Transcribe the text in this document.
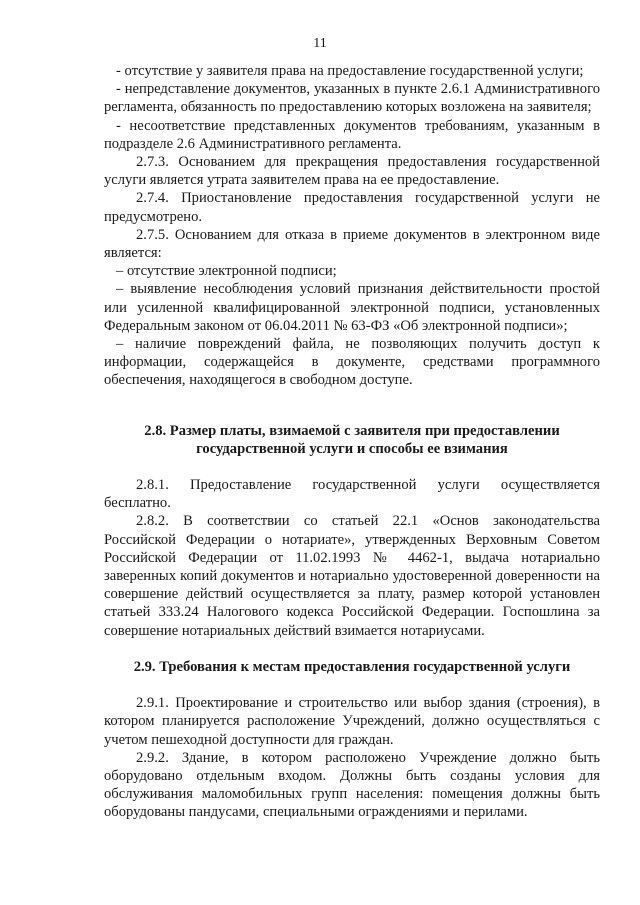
11

- отсутствие у заявителя права на предоставление государственной услуги;

- непредставление документов, указанных в пункте 2.6.1 Административного регламента, обязанность по предоставлению которых возложена на заявителя;

- несоответствие представленных документов требованиям, указанным в подразделе 2.6 Административного регламента.

2.7.3. Основанием для прекращения предоставления государственной услуги является утрата заявителем права на ее предоставление.

2.7.4. Приостановление предоставления государственной услуги не предусмотрено.

2.7.5. Основанием для отказа в приеме документов в электронном виде является:

– отсутствие электронной подписи;

– выявление несоблюдения условий признания действительности простой или усиленной квалифицированной электронной подписи, установленных Федеральным законом от 06.04.2011 № 63-ФЗ «Об электронной подписи»;

– наличие повреждений файла, не позволяющих получить доступ к информации, содержащейся в документе, средствами программного обеспечения, находящегося в свободном доступе.

2.8. Размер платы, взимаемой с заявителя при предоставлении государственной услуги и способы ее взимания

2.8.1. Предоставление государственной услуги осуществляется бесплатно.

2.8.2. В соответствии со статьей 22.1 «Основ законодательства Российской Федерации о нотариате», утвержденных Верховным Советом Российской Федерации от 11.02.1993 № 4462-1, выдача нотариально заверенных копий документов и нотариально удостоверенной доверенности на совершение действий осуществляется за плату, размер которой установлен статьей 333.24 Налогового кодекса Российской Федерации. Госпошлина за совершение нотариальных действий взимается нотариусами.

2.9. Требования к местам предоставления государственной услуги

2.9.1. Проектирование и строительство или выбор здания (строения), в котором планируется расположение Учреждений, должно осуществляться с учетом пешеходной доступности для граждан.

2.9.2. Здание, в котором расположено Учреждение должно быть оборудовано отдельным входом. Должны быть созданы условия для обслуживания маломобильных групп населения: помещения должны быть оборудованы пандусами, специальными ограждениями и перилами.
